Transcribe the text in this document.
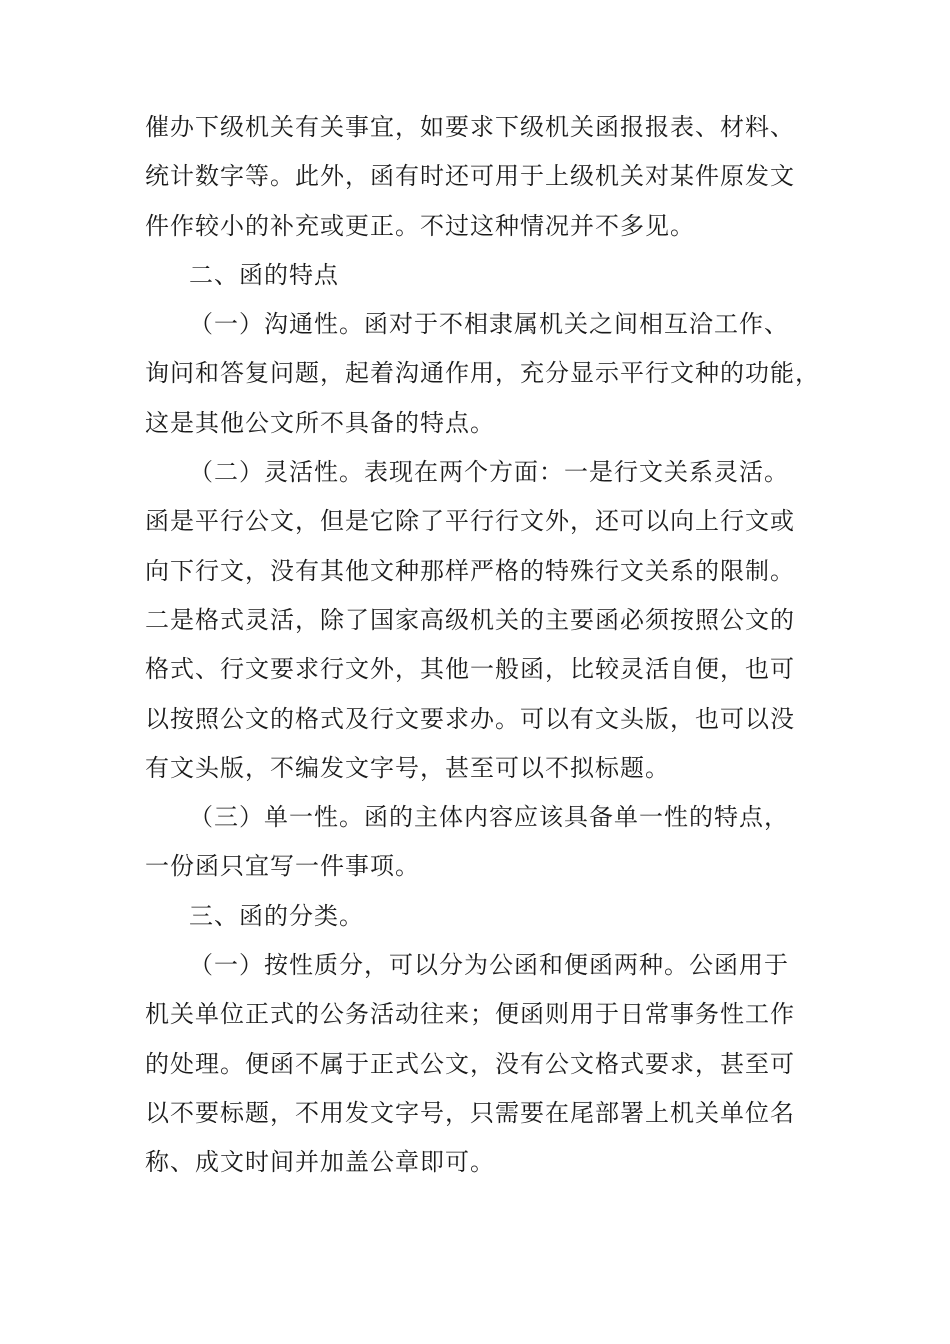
催办下级机关有关事宜，如要求下级机关函报报表、材料、
统计数字等。此外，函有时还可用于上级机关对某件原发文
件作较小的补充或更正。不过这种情况并不多见。
二、函的特点
（一）沟通性。函对于不相隶属机关之间相互洽工作、
询问和答复问题，起着沟通作用，充分显示平行文种的功能，
这是其他公文所不具备的特点。
（二）灵活性。表现在两个方面：一是行文关系灵活。
函是平行公文，但是它除了平行行文外，还可以向上行文或
向下行文，没有其他文种那样严格的特殊行文关系的限制。
二是格式灵活，除了国家高级机关的主要函必须按照公文的
格式、行文要求行文外，其他一般函，比较灵活自便，也可
以按照公文的格式及行文要求办。可以有文头版，也可以没
有文头版，不编发文字号，甚至可以不拟标题。
（三）单一性。函的主体内容应该具备单一性的特点，
一份函只宜写一件事项。
三、函的分类。
（一）按性质分，可以分为公函和便函两种。公函用于
机关单位正式的公务活动往来；便函则用于日常事务性工作
的处理。便函不属于正式公文，没有公文格式要求，甚至可
以不要标题，不用发文字号，只需要在尾部署上机关单位名
称、成文时间并加盖公章即可。
